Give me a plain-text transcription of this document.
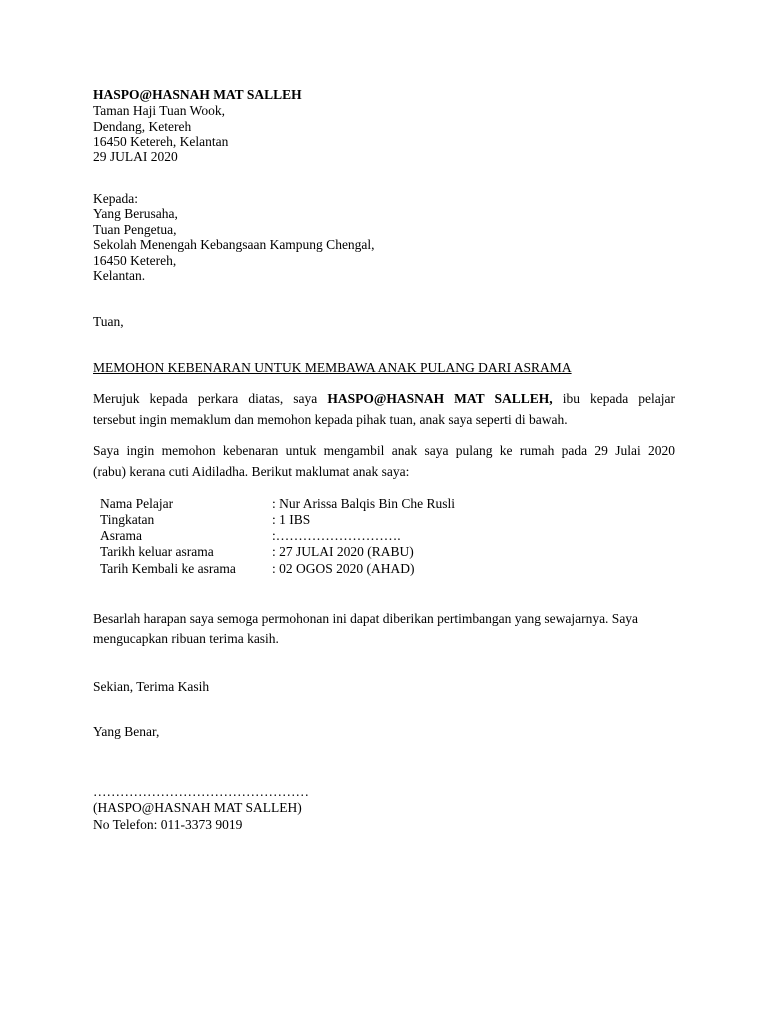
HASPO@HASNAH MAT SALLEH
Taman Haji Tuan Wook,
Dendang, Ketereh
16450 Ketereh, Kelantan
29 JULAI 2020
Kepada:
Yang Berusaha,
Tuan Pengetua,
Sekolah Menengah Kebangsaan Kampung Chengal,
16450 Ketereh,
Kelantan.
Tuan,
MEMOHON KEBENARAN UNTUK MEMBAWA ANAK PULANG DARI ASRAMA
Merujuk kepada perkara diatas, saya HASPO@HASNAH MAT SALLEH, ibu kepada pelajar
tersebut ingin memaklum dan memohon kepada pihak tuan, anak saya seperti di bawah.
Saya ingin memohon kebenaran untuk mengambil anak saya pulang ke rumah pada 29 Julai 2020
(rabu) kerana cuti Aidiladha. Berikut maklumat anak saya:
Nama Pelajar	: Nur Arissa Balqis Bin Che Rusli
Tingkatan	: 1 IBS
Asrama	:……………………….
Tarikh keluar asrama	: 27 JULAI 2020 (RABU)
Tarih Kembali ke asrama	: 02 OGOS 2020 (AHAD)
Besarlah harapan saya semoga permohonan ini dapat diberikan pertimbangan yang sewajarnya. Saya
mengucapkan ribuan terima kasih.
Sekian, Terima Kasih
Yang Benar,
…………………………………………
(HASPO@HASNAH MAT SALLEH)
No Telefon: 011-3373 9019
